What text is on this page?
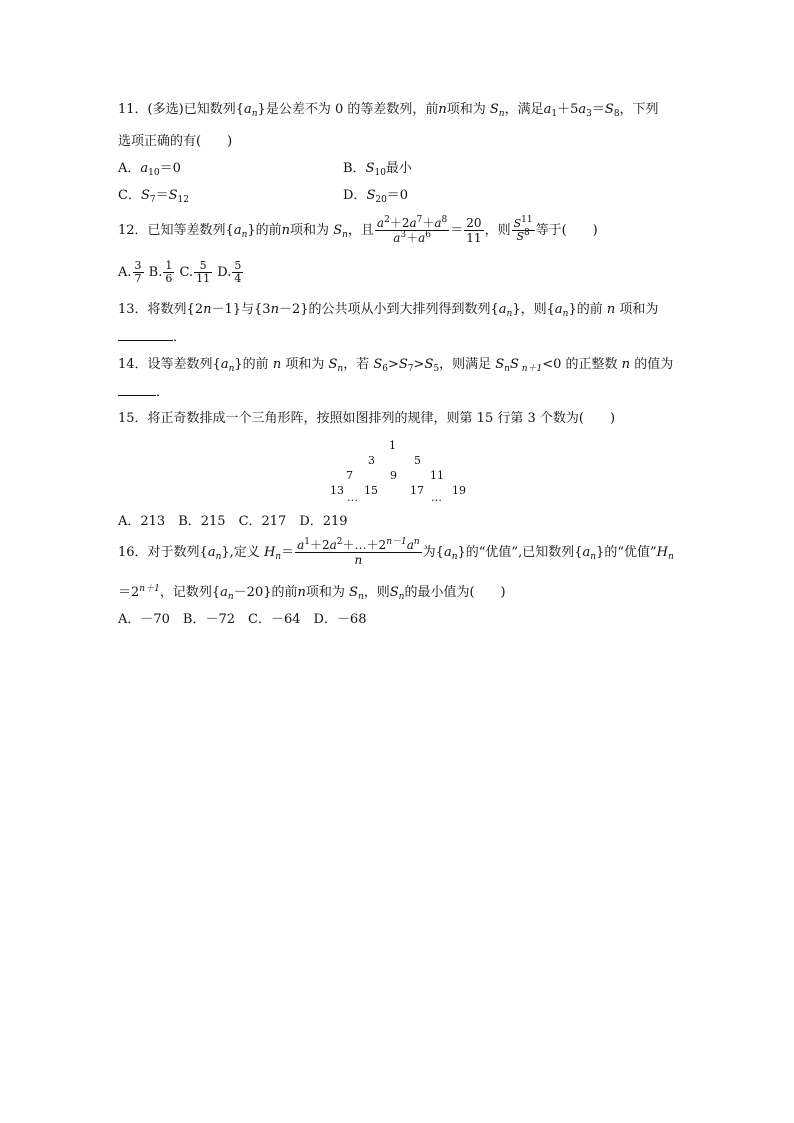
11．(多选)已知数列$\{a_n\}$是公差不为 0 的等差数列，前n项和为 $S_n$，满足$a_1+5a_3=S_8$，下列
选项正确的有(　　)
A．$a_{10}=0$	B．$S_{10}$最小
C．$S_7=S_{12}$	D．$S_{20}=0$
12．已知等差数列$\{a_n\}$的前n项和为 $S_n$，且 $\frac{a^2+2a^7+a^8}{a^3+a^6} = \frac{20}{11}$ ，则 $\frac{S^{11}}{S^8}$ 等于(　　)
A. $\frac{3}{7} B$. $\frac{1}{6} C$. $\frac{5}{11} D$. $\frac{5}{4}$
13．将数列{2n－1}与{3n－2}的公共项从小到大排列得到数列$\{a_n\}$，则$\{a_n\}$的前 n 项和为
．
14．设等差数列$\{a_n\}$的前 n 项和为 $S_n$，若 $S_6>S_7>S_5$，则满足 $S_nS$ $_{n+1}$<0 的正整数 n 的值为
．
15．将正奇数排成一个三角形阵，按照如图排列的规律，则第 15 行第 3 个数为(　　)
1
3	5
7	9	11
13 15	17	19
…	…
A．213　B．215　C．217　D．219
16．对于数列$\{a_n\}$,定义 $H_n= \frac{a^1+2a^2+\dots+2^{n-1}a^n}{n}$ 为$\{a_n\}$的“优值”,已知数列$\{a_n\}$的“优值$”H_n$
$=2^{n+1}$，记数列$\{a_n-20\}$的前n项和为 $S_n$，则$S_n$的最小值为(　　)
A．－70　B．－72　C．－64　D．－68
